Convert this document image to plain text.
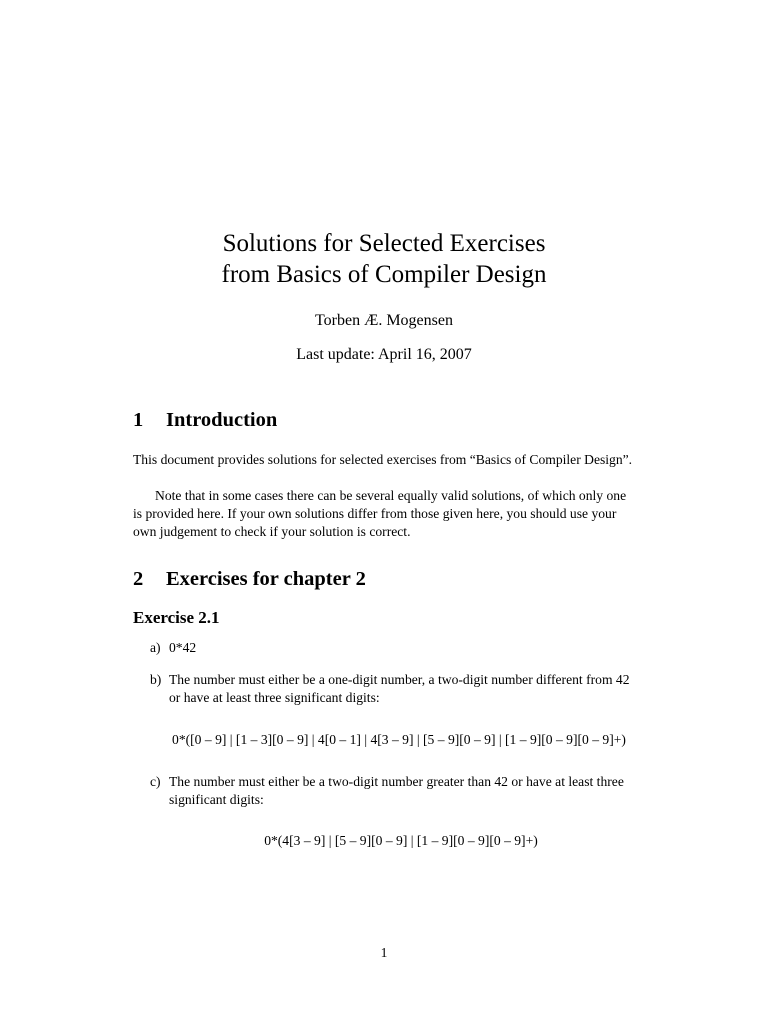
Solutions for Selected Exercises
from Basics of Compiler Design
Torben Æ. Mogensen
Last update: April 16, 2007
1 Introduction

This document provides solutions for selected exercises from “Basics of Compiler Design”.

Note that in some cases there can be several equally valid solutions, of which only one is provided here. If your own solutions differ from those given here, you should use your own judgement to check if your solution is correct.

2 Exercises for chapter 2
Exercise 2.1
a) 0*42
b) The number must either be a one-digit number, a two-digit number different from 42 or have at least three significant digits:
0*([0 – 9] | [1 – 3][0 – 9] | 4[0 – 1] | 4[3 – 9] | [5 – 9][0 – 9] | [1 – 9][0 – 9][0 – 9]+)
c) The number must either be a two-digit number greater than 42 or have at least three significant digits:
0*(4[3 – 9] | [5 – 9][0 – 9] | [1 – 9][0 – 9][0 – 9]+)
1
